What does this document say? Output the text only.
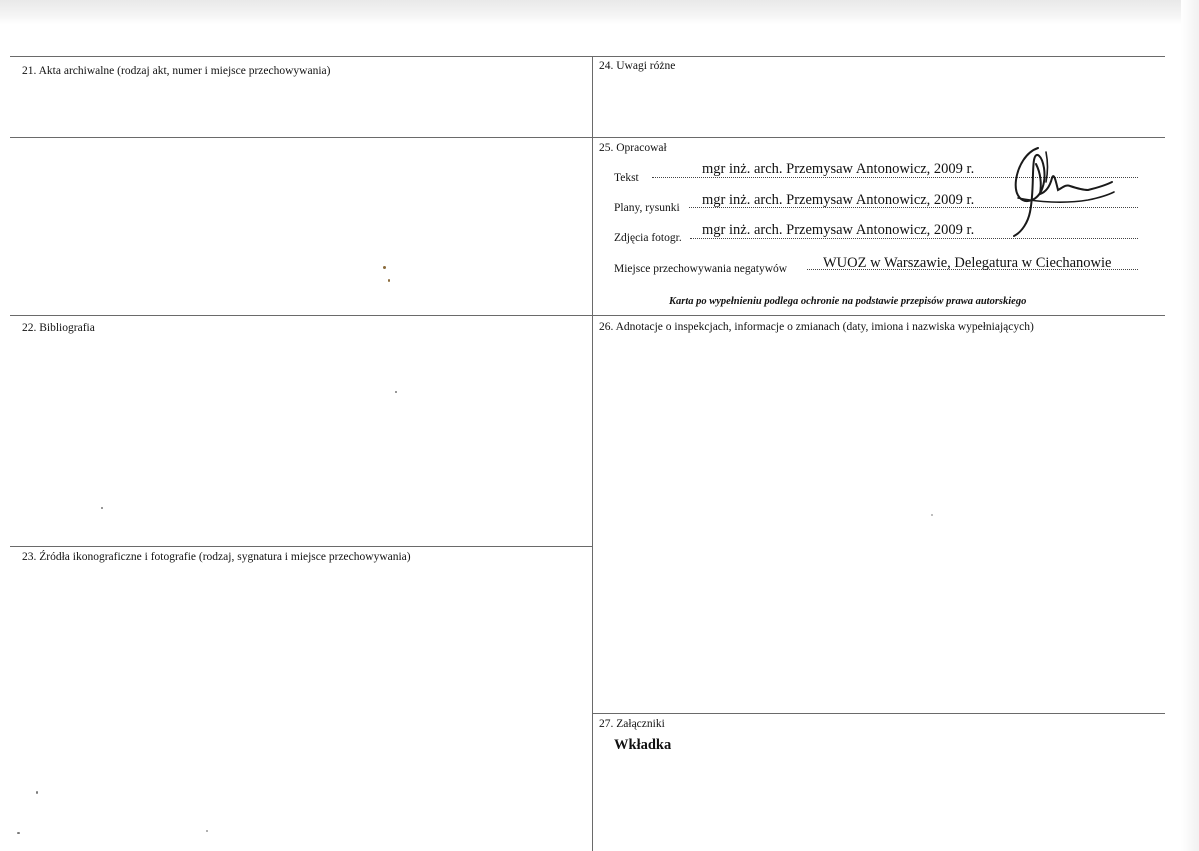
21. Akta archiwalne (rodzaj akt, numer i miejsce przechowywania)
22. Bibliografia
23. Źródła ikonograficzne i fotografie (rodzaj, sygnatura i miejsce przechowywania)
24. Uwagi różne
25. Opracował
Tekst
mgr inż. arch. Przemysaw Antonowicz, 2009 r.
Plany, rysunki mgr inż. arch. Przemysaw Antonowicz, 2009 r.
Zdjęcia fotogr. mgr inż. arch. Przemysaw Antonowicz, 2009 r.
Miejsce przechowywania negatywów WUOZ w Warszawie, Delegatura w Ciechanowie
Karta po wypełnieniu podlega ochronie na podstawie przepisów prawa autorskiego
26. Adnotacje o inspekcjach, informacje o zmianach (daty, imiona i nazwiska wypełniających)
27. Załączniki
Wkładka
